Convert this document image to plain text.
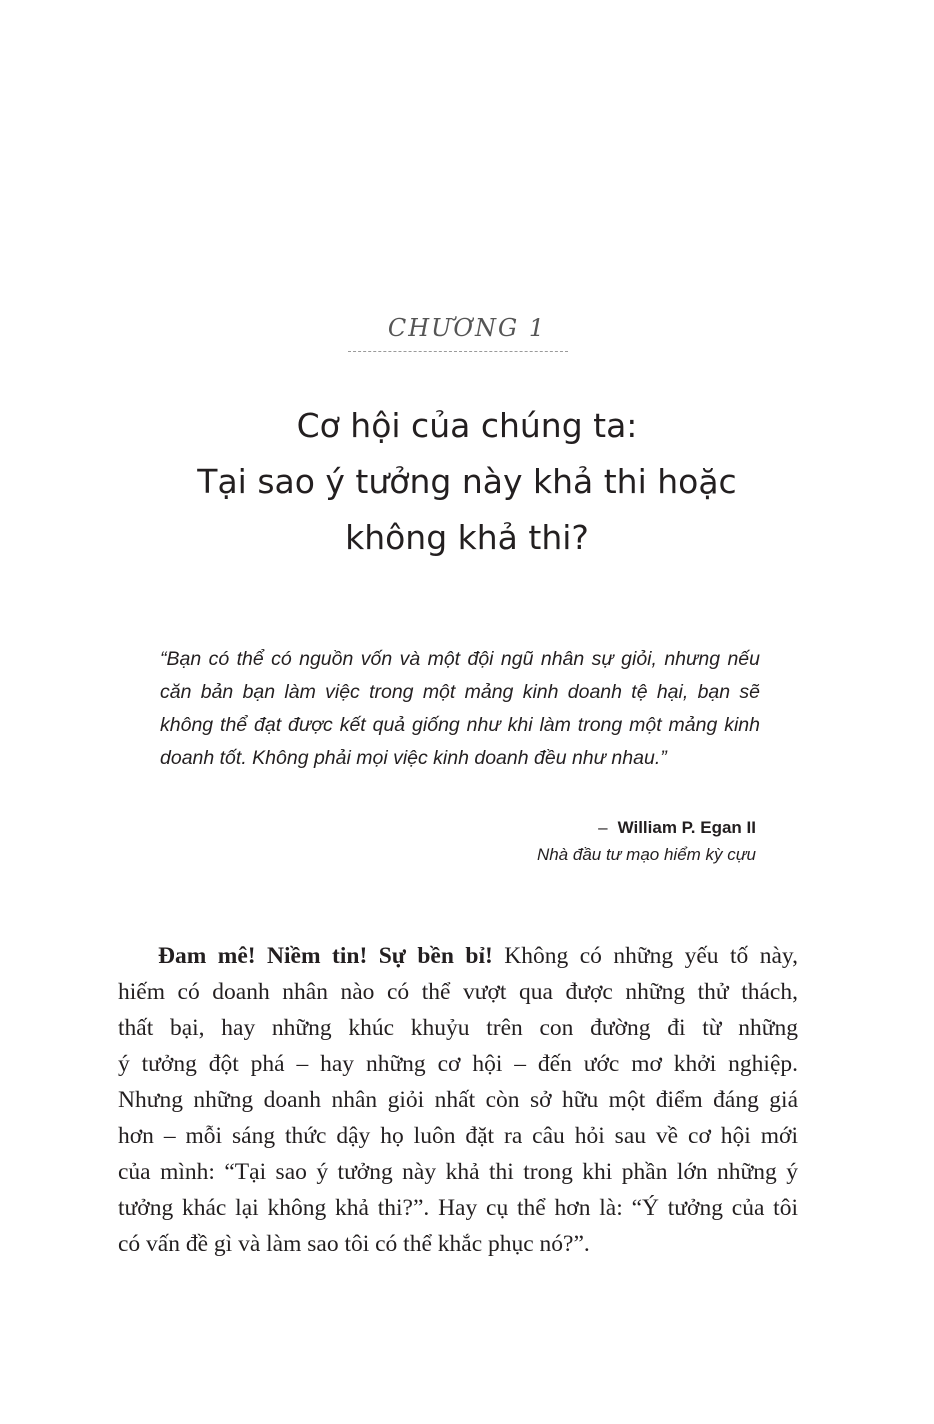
CHƯƠNG 1
Cơ hội của chúng ta:
Tại sao ý tưởng này khả thi hoặc
không khả thi?
“Bạn có thể có nguồn vốn và một đội ngũ nhân sự giỏi, nhưng nếu căn bản bạn làm việc trong một mảng kinh doanh tệ hại, bạn sẽ không thể đạt được kết quả giống như khi làm trong một mảng kinh doanh tốt. Không phải mọi việc kinh doanh đều như nhau.”
– William P. Egan II
Nhà đầu tư mạo hiểm kỳ cựu
Đam mê! Niềm tin! Sự bền bỉ! Không có những yếu tố này,
hiếm có doanh nhân nào có thể vượt qua được những thử thách,
thất bại, hay những khúc khuỷu trên con đường đi từ những
ý tưởng đột phá – hay những cơ hội – đến ước mơ khởi nghiệp.
Nhưng những doanh nhân giỏi nhất còn sở hữu một điểm đáng giá
hơn – mỗi sáng thức dậy họ luôn đặt ra câu hỏi sau về cơ hội mới
của mình: “Tại sao ý tưởng này khả thi trong khi phần lớn những ý
tưởng khác lại không khả thi?”. Hay cụ thể hơn là: “Ý tưởng của tôi
có vấn đề gì và làm sao tôi có thể khắc phục nó?”.
